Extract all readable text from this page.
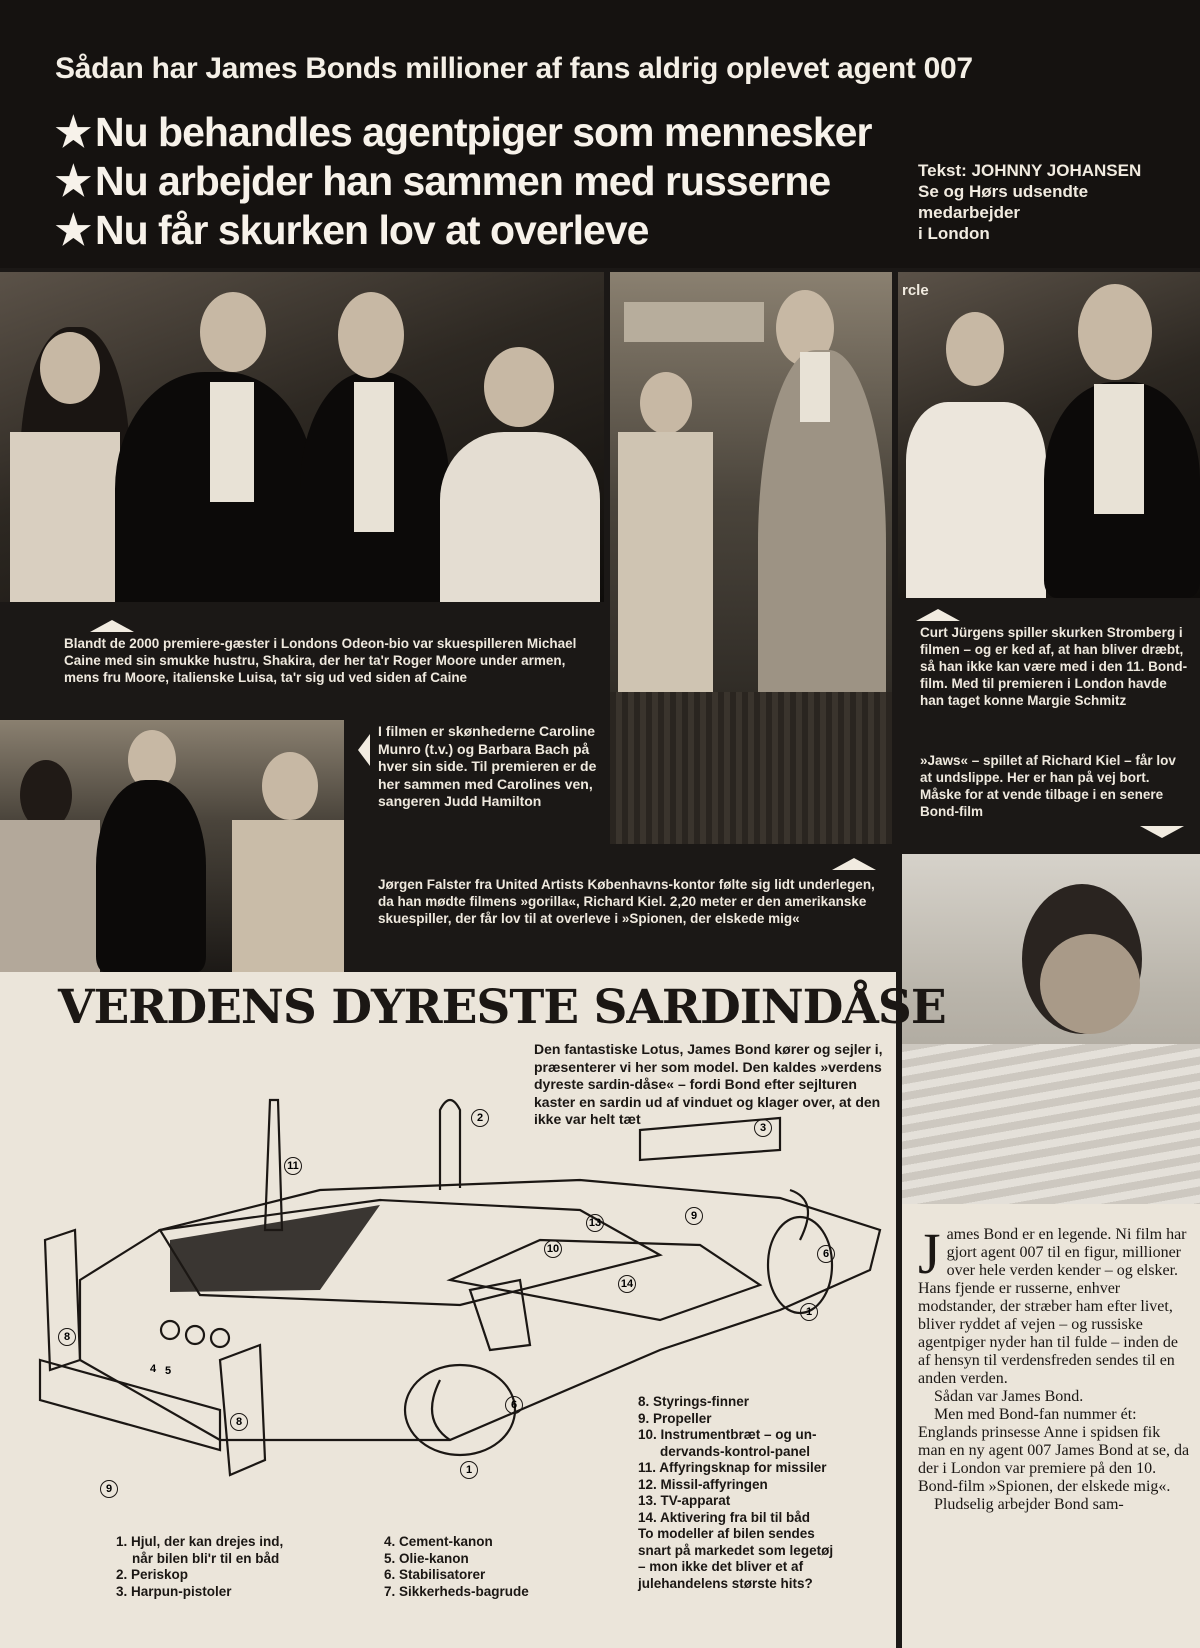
Sådan har James Bonds millioner af fans aldrig oplevet agent 007
★ Nu behandles agentpiger som mennesker
★ Nu arbejder han sammen med russerne
★ Nu får skurken lov at overleve
Tekst: JOHNNY JOHANSEN
Se og Hørs udsendte
medarbejder
i London
rcle
Blandt de 2000 premiere-gæster i Londons Odeon-bio var skuespilleren Michael Caine med sin smukke hustru, Shakira, der her ta'r Roger Moore under armen, mens fru Moore, italienske Luisa, ta'r sig ud ved siden af Caine
I filmen er skønhederne Caroline Munro (t.v.) og Barbara Bach på hver sin side. Til premieren er de her sammen med Carolines ven, sangeren Judd Hamilton
Jørgen Falster fra United Artists Københavns-kontor følte sig lidt underlegen, da han mødte filmens »gorilla«, Richard Kiel. 2,20 meter er den amerikanske skuespiller, der får lov til at overleve i »Spionen, der elskede mig«
Curt Jürgens spiller skurken Stromberg i filmen – og er ked af, at han bliver dræbt, så han ikke kan være med i den 11. Bond-film. Med til premieren i London havde han taget konne Margie Schmitz
»Jaws« – spillet af Richard Kiel – får lov at undslippe. Her er han på vej bort. Måske for at vende tilbage i en senere Bond-film
VERDENS DYRESTE SARDINDÅSE
Den fantastiske Lotus, James Bond kører og sejler i, præsenterer vi her som model. Den kaldes »verdens dyreste sardin-dåse« – fordi Bond efter sejlturen kaster en sardin ud af vinduet og klager over, at den ikke var helt tæt
2
3
11
9
13
10	6
14
1
8
4 5
8
6
1
9
1. Hjul, der kan drejes ind,
når bilen bli'r til en båd
2. Periskop
3. Harpun-pistoler
4. Cement-kanon
5. Olie-kanon
6. Stabilisatorer
7. Sikkerheds-bagrude
8. Styrings-finner
9. Propeller
10. Instrumentbræt – og un-
dervands-kontrol-panel
11. Affyringsknap for missiler
12. Missil-affyringen
13. TV-apparat
14. Aktivering fra bil til båd
To modeller af bilen sendes
snart på markedet som legetøj
– mon ikke det bliver et af
julehandelens største hits?
J ames Bond er en legende. Ni film har gjort agent 007 til en figur, millioner over hele verden kender – og elsker. Hans fjende er russerne, enhver modstander, der stræber ham efter livet, bliver ryddet af vejen – og russiske agentpiger nyder han til fulde – inden de af hensyn til verdensfreden sendes til en anden verden.
Sådan var James Bond.
Men med Bond-fan nummer ét: Englands prinsesse Anne i spidsen fik man en ny agent 007 James Bond at se, da der i London var premiere på den 10. Bond-film »Spionen, der elskede mig«.
Pludselig arbejder Bond sam-
